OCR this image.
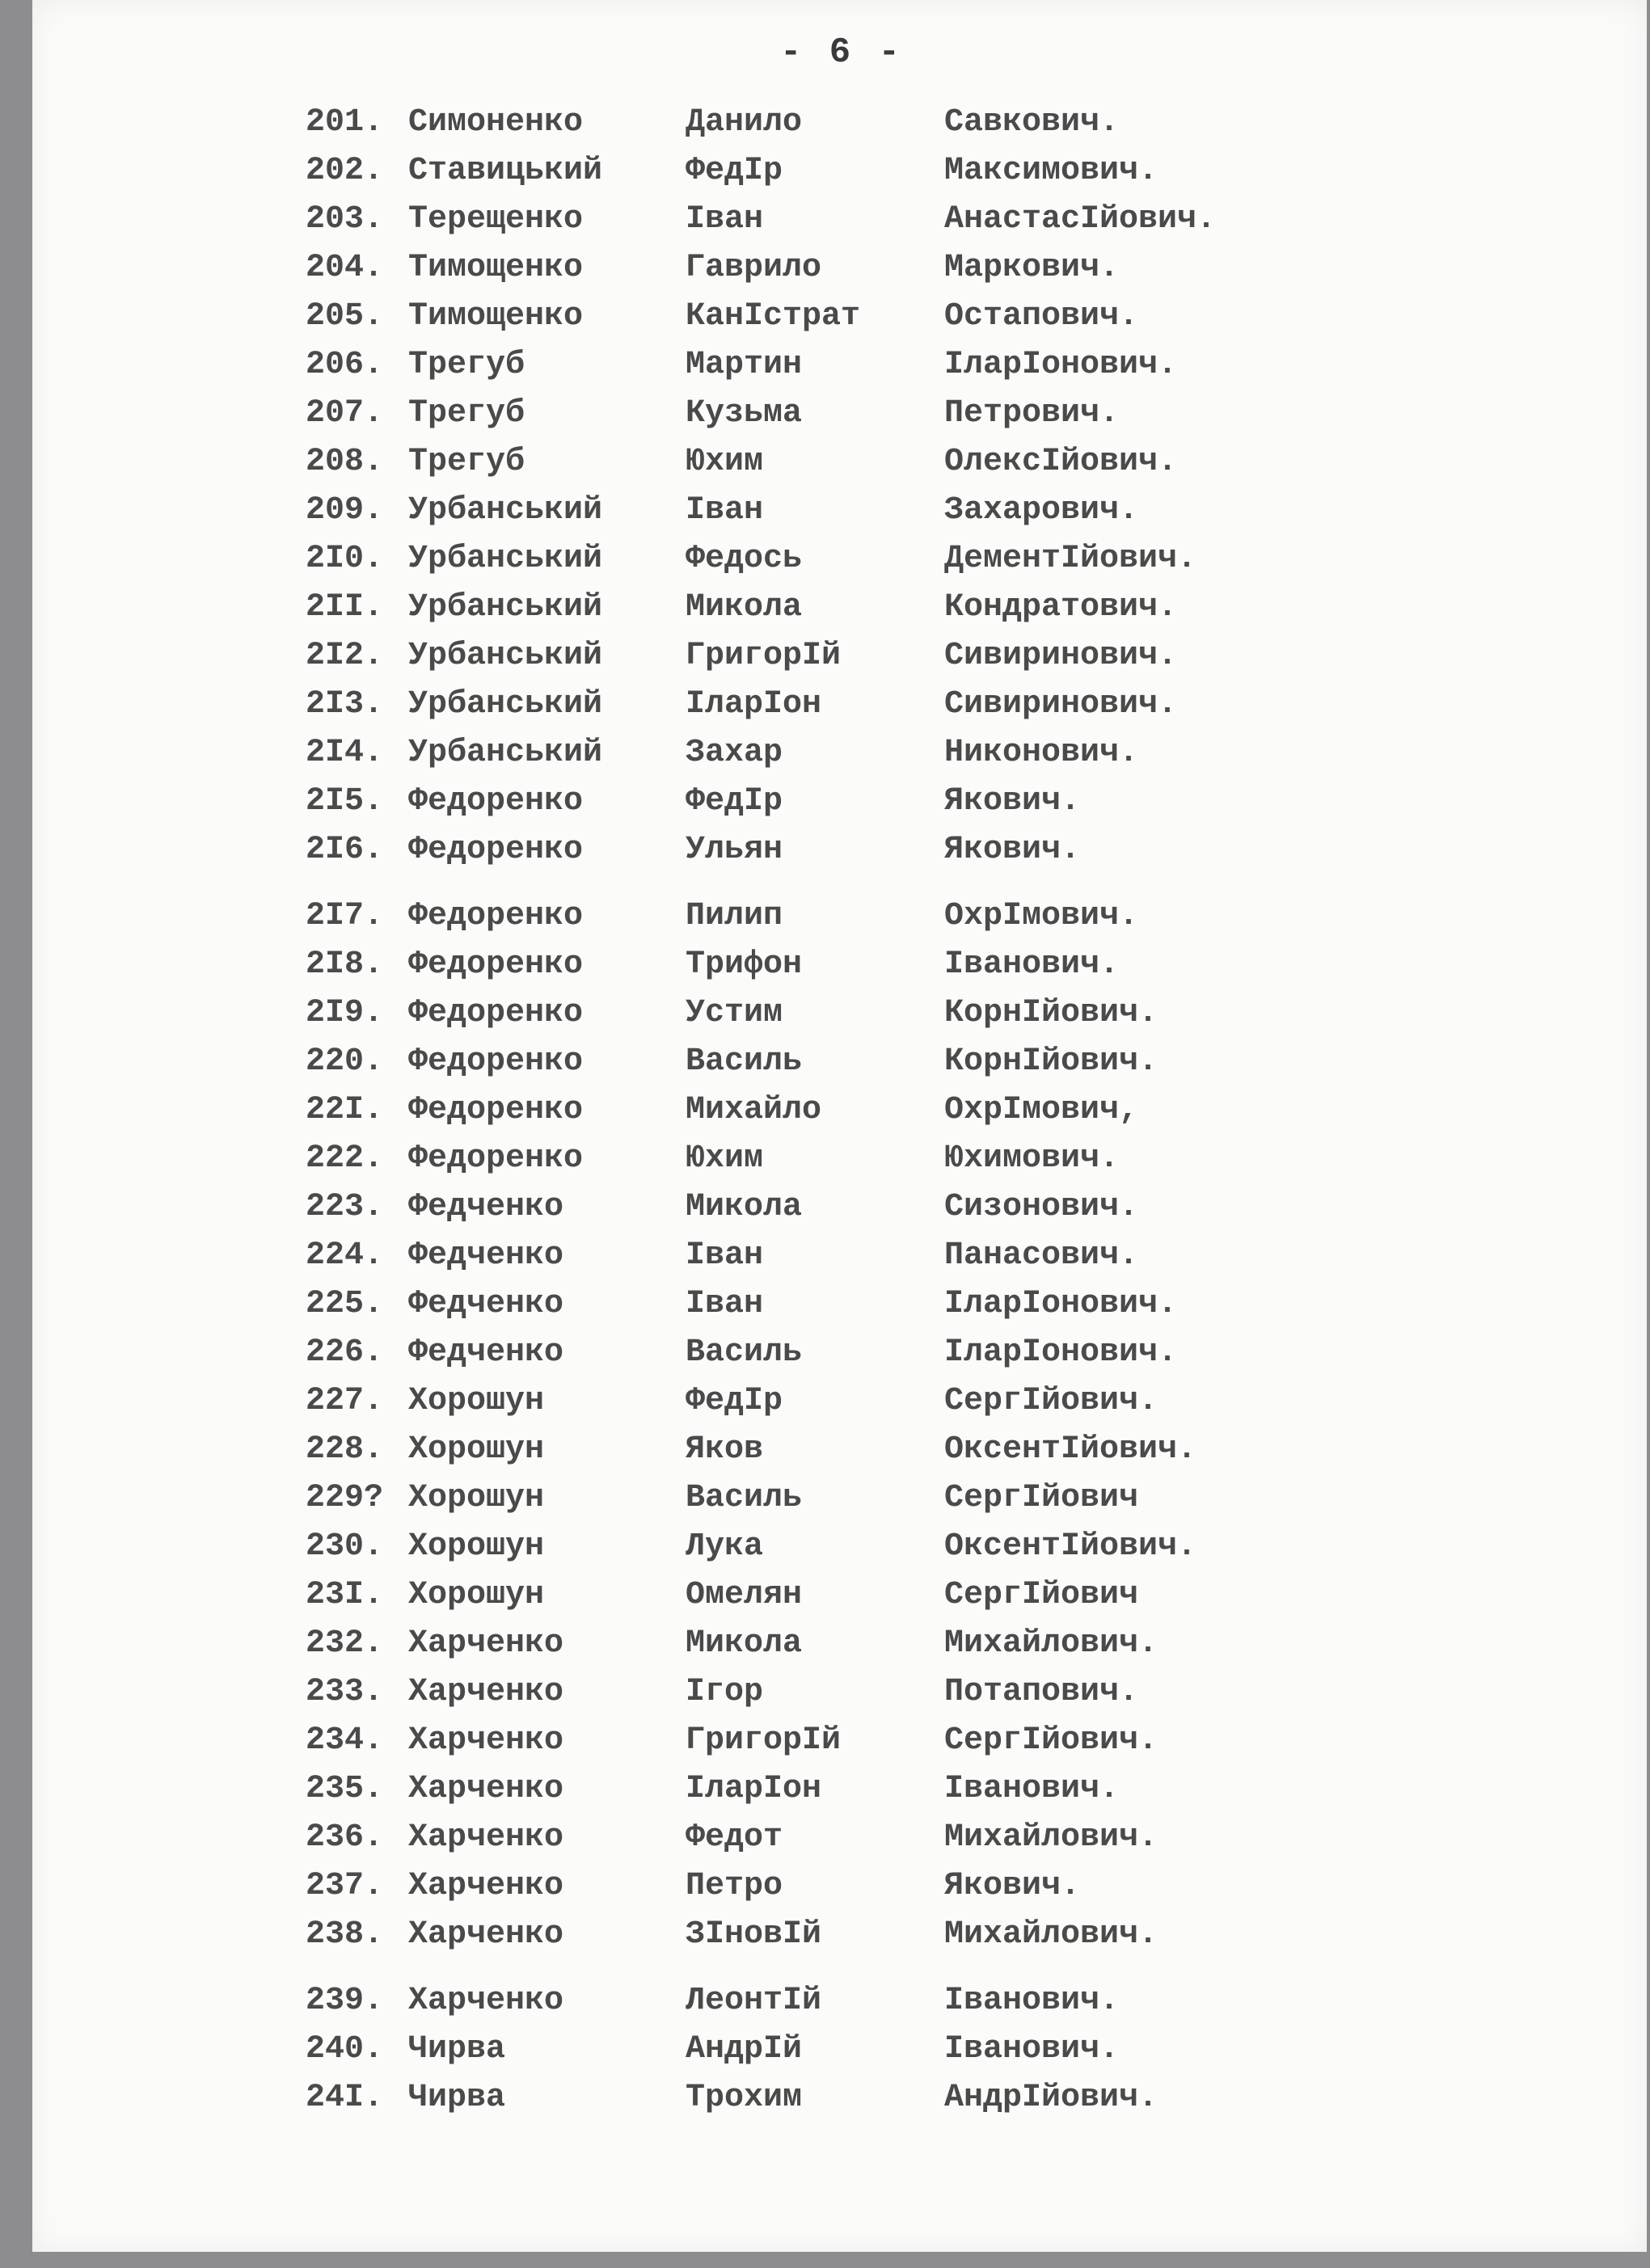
- 6 -
201. Симоненко	Данило	Савкович.
202. Ставицький	ФедІр	Максимович.
203. Терещенко	Іван	АнастасІйович.
204. Тимощенко	Гаврило	Маркович.
205. Тимощенко	КанІстрат	Остапович.
206. Трегуб	Мартин	ІларІонович.
207. Трегуб	Кузьма	Петрович.
208. Трегуб	Юхим	ОлексІйович.
209. Урбанський	Іван	Захарович.
2I0. Урбанський	Федось	ДементІйович.
2II. Урбанський	Микола	Кондратович.
2I2. Урбанський	ГригорІй	Сивиринович.
2I3. Урбанський	ІларІон	Сивиринович.
2I4. Урбанський	Захар	Никонович.
2I5. Федоренко	ФедІр	Якович.
2I6. Федоренко	Ульян	Якович.
2I7. Федоренко	Пилип	ОхрІмович.
2I8. Федоренко	Трифон	Іванович.
2I9. Федоренко	Устим	КорнІйович.
220. Федоренко	Василь	КорнІйович.
22I. Федоренко	Михайло	ОхрІмович,
222. Федоренко	Юхим	Юхимович.
223. Федченко	Микола	Сизонович.
224. Федченко	Іван	Панасович.
225. Федченко	Іван	ІларІонович.
226. Федченко	Василь	ІларІонович.
227. Хорошун	ФедІр	СергІйович.
228. Хорошун	Яков	ОксентІйович.
229? Хорошун	Василь	СергІйович
230. Хорошун	Лука	ОксентІйович.
23I. Хорошун	Омелян	СергІйович
232. Харченко	Микола	Михайлович.
233. Харченко	Ігор	Потапович.
234. Харченко	ГригорІй	СергІйович.
235. Харченко	ІларІон	Іванович.
236. Харченко	Федот	Михайлович.
237. Харченко	Петро	Якович.
238. Харченко	ЗІновІй	Михайлович.
239. Харченко	ЛеонтІй	Іванович.
240. Чирва	АндрІй	Іванович.
24I. Чирва	Трохим	АндрІйович.
